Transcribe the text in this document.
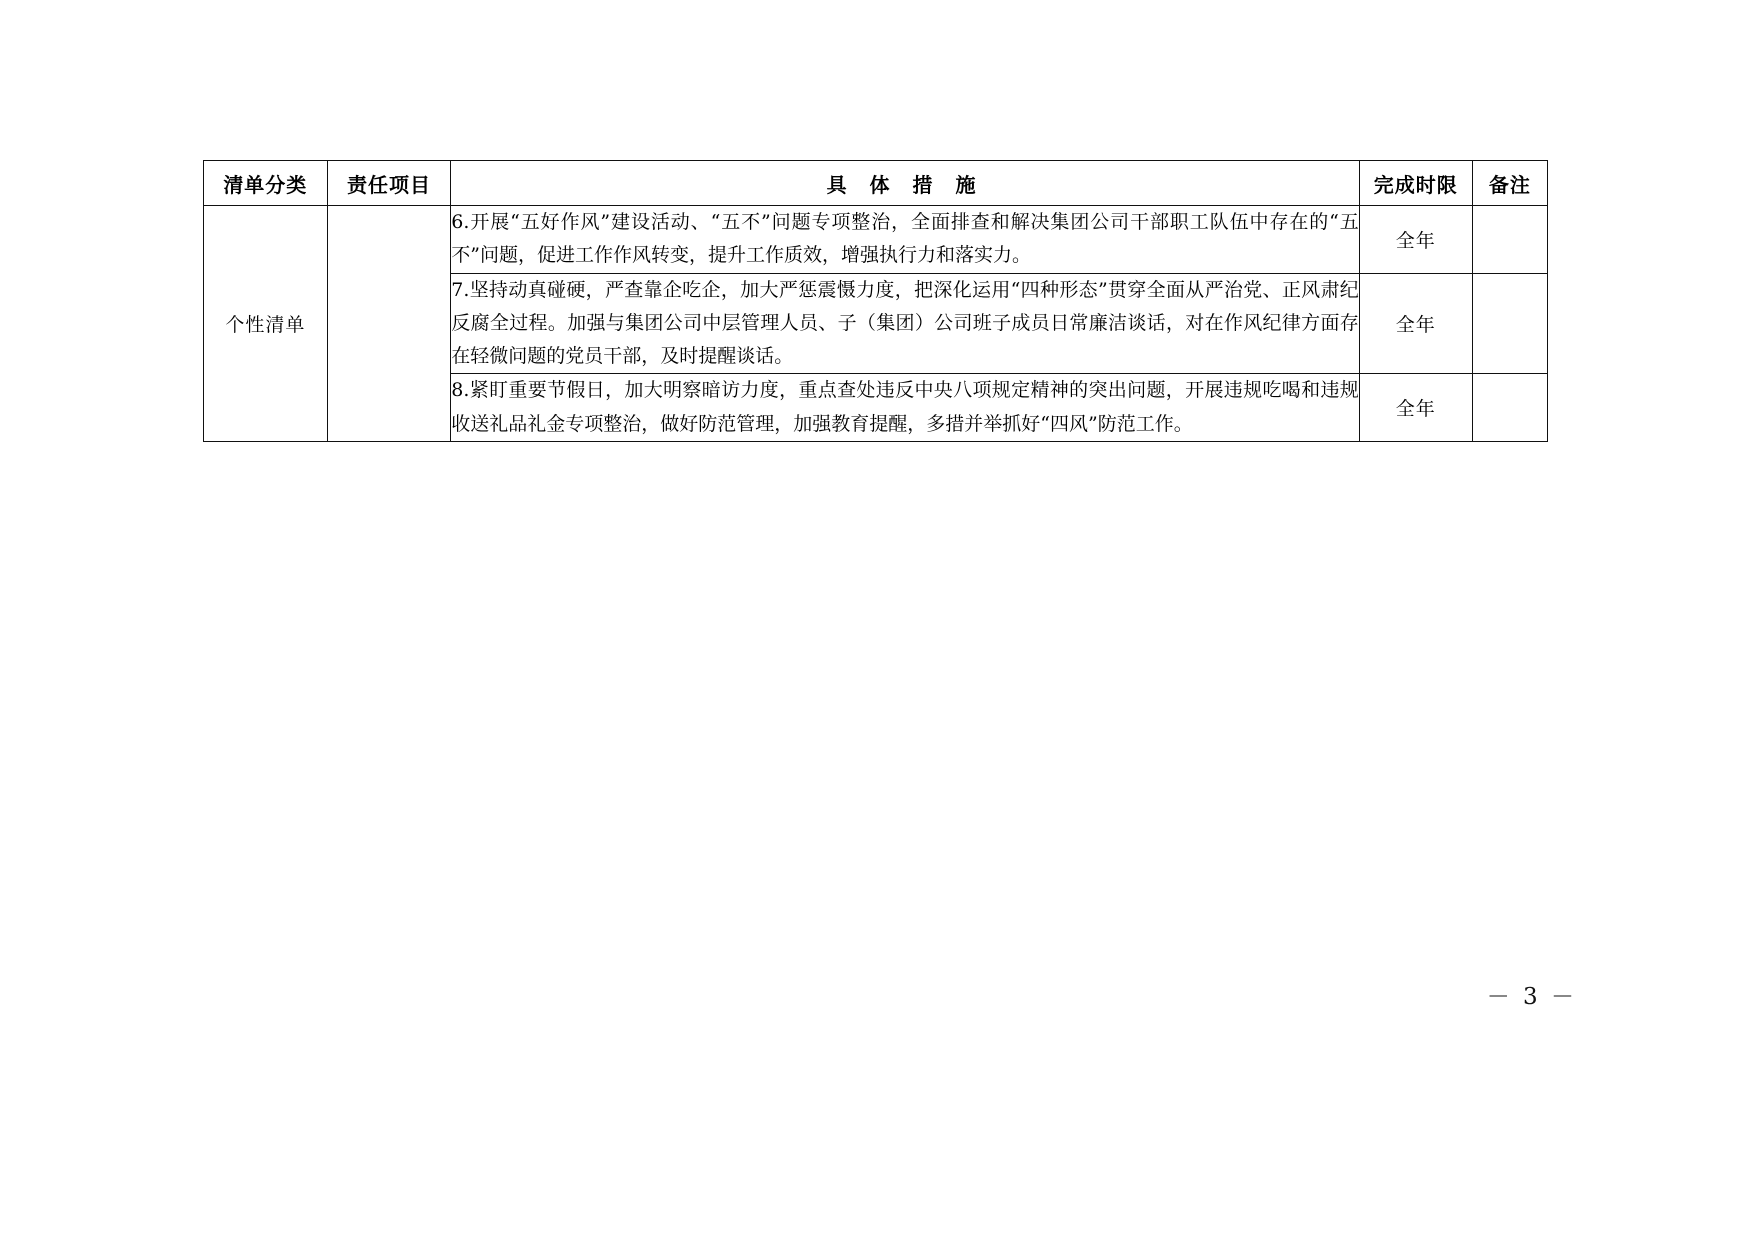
清单分类	责任项目	具 体 措 施	完成时限	备注
个性清单		6.开展“五好作风”建设活动、“五不”问题专项整治，全面排查和解决集团公司干部职工队伍中存在的“五不”问题，促进工作作风转变，提升工作质效，增强执行力和落实力。	全年	
		7.坚持动真碰硬，严查靠企吃企，加大严惩震慑力度，把深化运用“四种形态”贯穿全面从严治党、正风肃纪反腐全过程。加强与集团公司中层管理人员、子（集团）公司班子成员日常廉洁谈话，对在作风纪律方面存在轻微问题的党员干部，及时提醒谈话。	全年	
		8.紧盯重要节假日，加大明察暗访力度，重点查处违反中央八项规定精神的突出问题，开展违规吃喝和违规收送礼品礼金专项整治，做好防范管理，加强教育提醒，多措并举抓好“四风”防范工作。	全年	
－ 3 －
